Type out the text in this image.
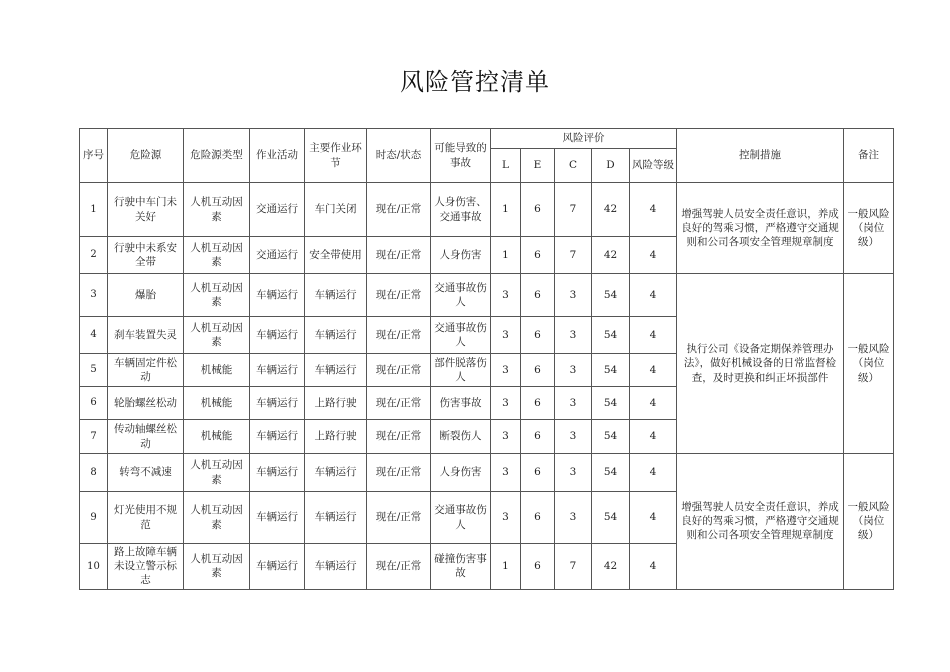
风险管控清单
序号	危险源	危险源类型	作业活动	主要作业环节	时态/状态	可能导致的事故	风险评价					控制措施	备注
							L	E	C	D	风险等级		
1	行驶中车门未关好	人机互动因素	交通运行	车门关闭	现在/正常	人身伤害、交通事故	1	6	7	42	4	增强驾驶人员安全责任意识，养成良好的驾乘习惯，严格遵守交通规则和公司各项安全管理规章制度	一般风险（岗位级）
2	行驶中未系安全带	人机互动因素	交通运行	安全带使用	现在/正常	人身伤害	1	6	7	42	4		
3	爆胎	人机互动因素	车辆运行	车辆运行	现在/正常	交通事故伤人	3	6	3	54	4	执行公司《设备定期保养管理办法》，做好机械设备的日常监督检查，及时更换和纠正坏损部件	一般风险（岗位级）
4	刹车装置失灵	人机互动因素	车辆运行	车辆运行	现在/正常	交通事故伤人	3	6	3	54	4		
5	车辆固定件松动	机械能	车辆运行	车辆运行	现在/正常	部件脱落伤人	3	6	3	54	4		
6	轮胎螺丝松动	机械能	车辆运行	上路行驶	现在/正常	伤害事故	3	6	3	54	4		
7	传动轴螺丝松动	机械能	车辆运行	上路行驶	现在/正常	断裂伤人	3	6	3	54	4		
8	转弯不减速	人机互动因素	车辆运行	车辆运行	现在/正常	人身伤害	3	6	3	54	4	增强驾驶人员安全责任意识，养成良好的驾乘习惯，严格遵守交通规则和公司各项安全管理规章制度	一般风险（岗位级）
9	灯光使用不规范	人机互动因素	车辆运行	车辆运行	现在/正常	交通事故伤人	3	6	3	54	4		
10	路上故障车辆未设立警示标志	人机互动因素	车辆运行	车辆运行	现在/正常	碰撞伤害事故	1	6	7	42	4		
